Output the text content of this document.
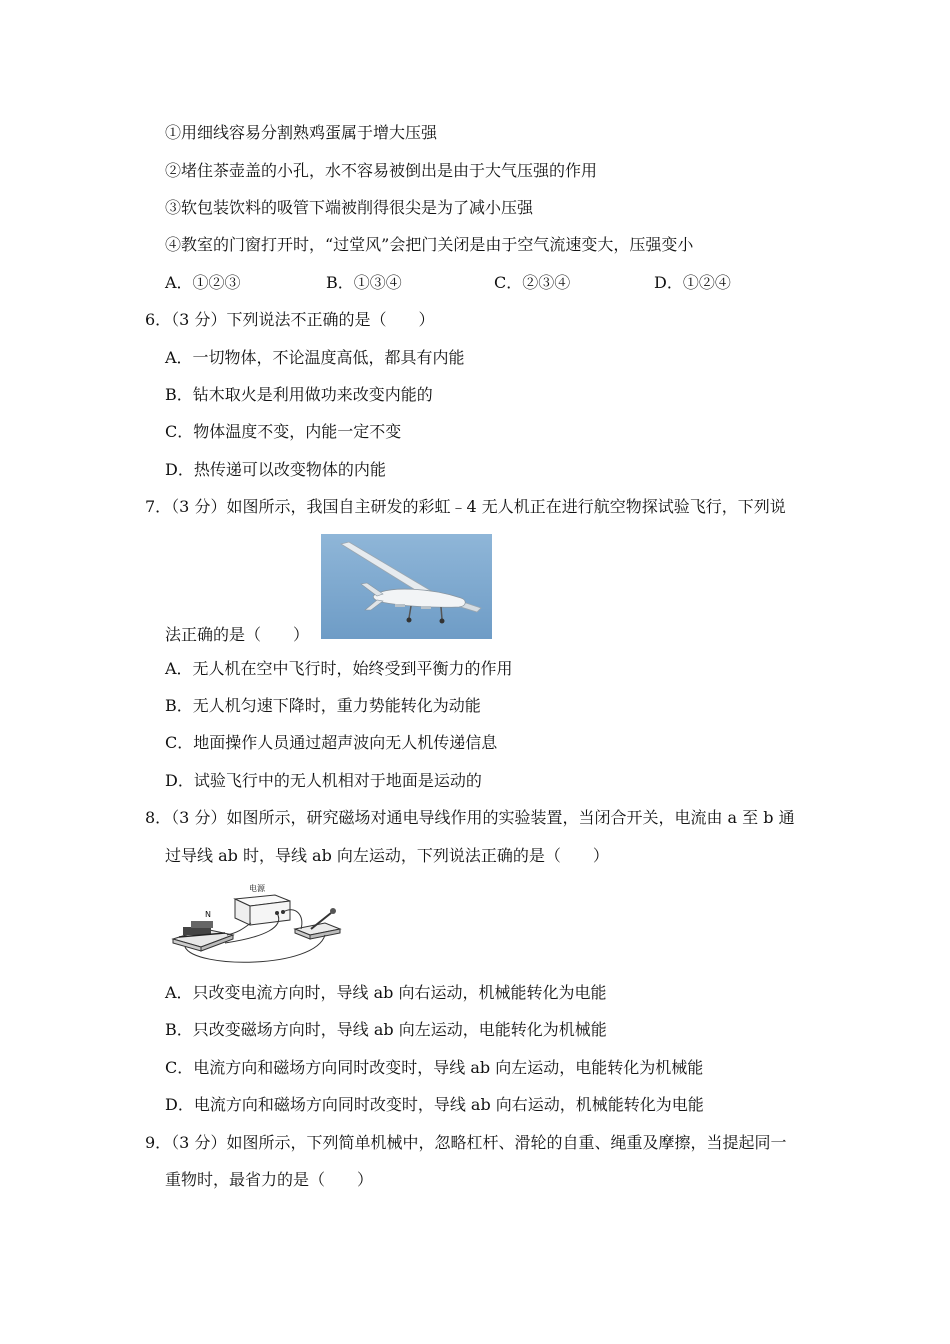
①用细线容易分割熟鸡蛋属于增大压强
②堵住茶壶盖的小孔，水不容易被倒出是由于大气压强的作用
③软包装饮料的吸管下端被削得很尖是为了减小压强
④教室的门窗打开时，“过堂风”会把门关闭是由于空气流速变大，压强变小
A．①②③	B．①③④	C．②③④	D．①②④
6．（3 分）下列说法不正确的是（　　）
A．一切物体，不论温度高低，都具有内能
B．钻木取火是利用做功来改变内能的
C．物体温度不变，内能一定不变
D．热传递可以改变物体的内能
7．（3 分）如图所示，我国自主研发的彩虹﹣4 无人机正在进行航空物探试验飞行，下列说
法正确的是（　　）
A．无人机在空中飞行时，始终受到平衡力的作用
B．无人机匀速下降时，重力势能转化为动能
C．地面操作人员通过超声波向无人机传递信息
D．试验飞行中的无人机相对于地面是运动的
8．（3 分）如图所示，研究磁场对通电导线作用的实验装置，当闭合开关，电流由 a 至 b 通
过导线 ab 时，导线 ab 向左运动，下列说法正确的是（　　）
电源
N
A．只改变电流方向时，导线 ab 向右运动，机械能转化为电能
B．只改变磁场方向时，导线 ab 向左运动，电能转化为机械能
C．电流方向和磁场方向同时改变时，导线 ab 向左运动，电能转化为机械能
D．电流方向和磁场方向同时改变时，导线 ab 向右运动，机械能转化为电能
9．（3 分）如图所示，下列简单机械中，忽略杠杆、滑轮的自重、绳重及摩擦，当提起同一
重物时，最省力的是（　　）
